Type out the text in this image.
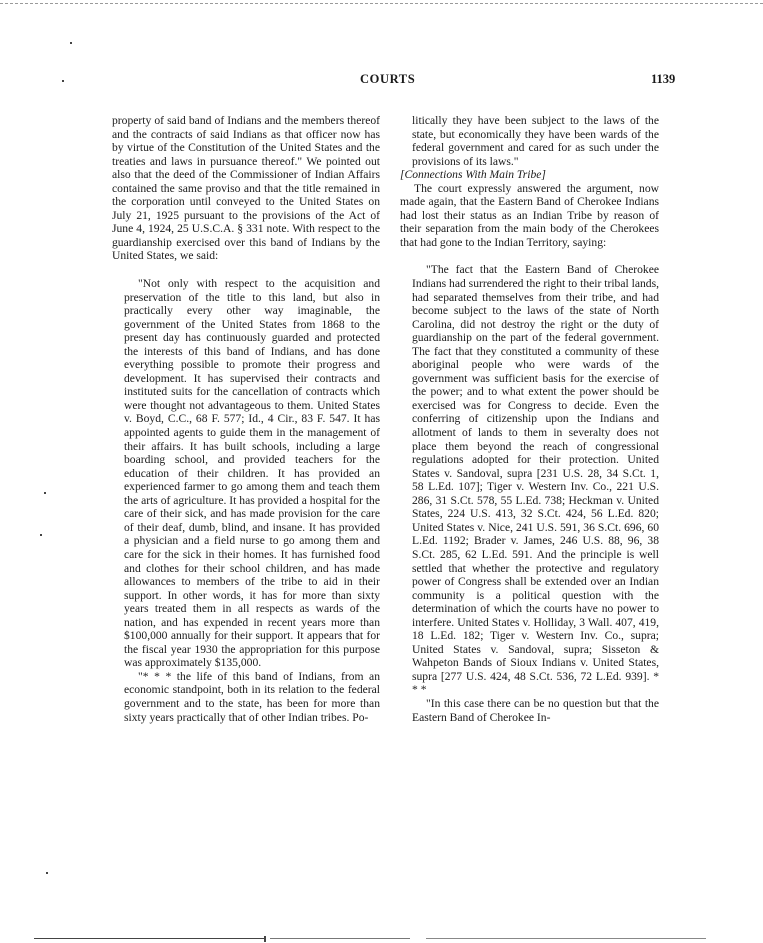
COURTS	1139

property of said band of Indians and the members thereof and the contracts of said Indians as that officer now has by virtue of the Constitution of the United States and the treaties and laws in pursuance thereof." We pointed out also that the deed of the Commissioner of Indian Affairs contained the same proviso and that the title remained in the corporation until conveyed to the United States on July 21, 1925 pursuant to the provisions of the Act of June 4, 1924, 25 U.S.C.A. § 331 note. With respect to the guardianship exercised over this band of Indians by the United States, we said:

"Not only with respect to the acquisition and preservation of the title to this land, but also in practically every other way imaginable, the government of the United States from 1868 to the present day has continuously guarded and protected the interests of this band of Indians, and has done everything possible to promote their progress and development. It has supervised their contracts and instituted suits for the cancellation of contracts which were thought not advantageous to them. United States v. Boyd, C.C., 68 F. 577; Id., 4 Cir., 83 F. 547. It has appointed agents to guide them in the management of their affairs. It has built schools, including a large boarding school, and provided teachers for the education of their children. It has provided an experienced farmer to go among them and teach them the arts of agriculture. It has provided a hospital for the care of their sick, and has made provision for the care of their deaf, dumb, blind, and insane. It has provided a physician and a field nurse to go among them and care for the sick in their homes. It has furnished food and clothes for their school children, and has made allowances to members of the tribe to aid in their support. In other words, it has for more than sixty years treated them in all respects as wards of the nation, and has expended in recent years more than $100,000 annually for their support. It appears that for the fiscal year 1930 the appropriation for this purpose was approximately $135,000.

"* * * the life of this band of Indians, from an economic standpoint, both in its relation to the federal government and to the state, has been for more than sixty years practically that of other Indian tribes. Po-

litically they have been subject to the laws of the state, but economically they have been wards of the federal government and cared for as such under the provisions of its laws."

[Connections With Main Tribe]

The court expressly answered the argument, now made again, that the Eastern Band of Cherokee Indians had lost their status as an Indian Tribe by reason of their separation from the main body of the Cherokees that had gone to the Indian Territory, saying:

"The fact that the Eastern Band of Cherokee Indians had surrendered the right to their tribal lands, had separated themselves from their tribe, and had become subject to the laws of the state of North Carolina, did not destroy the right or the duty of guardianship on the part of the federal government. The fact that they constituted a community of these aboriginal people who were wards of the government was sufficient basis for the exercise of the power; and to what extent the power should be exercised was for Congress to decide. Even the conferring of citizenship upon the Indians and allotment of lands to them in severalty does not place them beyond the reach of congressional regulations adopted for their protection. United States v. Sandoval, supra [231 U.S. 28, 34 S.Ct. 1, 58 L.Ed. 107]; Tiger v. Western Inv. Co., 221 U.S. 286, 31 S.Ct. 578, 55 L.Ed. 738; Heckman v. United States, 224 U.S. 413, 32 S.Ct. 424, 56 L.Ed. 820; United States v. Nice, 241 U.S. 591, 36 S.Ct. 696, 60 L.Ed. 1192; Brader v. James, 246 U.S. 88, 96, 38 S.Ct. 285, 62 L.Ed. 591. And the principle is well settled that whether the protective and regulatory power of Congress shall be extended over an Indian community is a political question with the determination of which the courts have no power to interfere. United States v. Holliday, 3 Wall. 407, 419, 18 L.Ed. 182; Tiger v. Western Inv. Co., supra; United States v. Sandoval, supra; Sisseton & Wahpeton Bands of Sioux Indians v. United States, supra [277 U.S. 424, 48 S.Ct. 536, 72 L.Ed. 939]. * * *

"In this case there can be no question but that the Eastern Band of Cherokee In-
